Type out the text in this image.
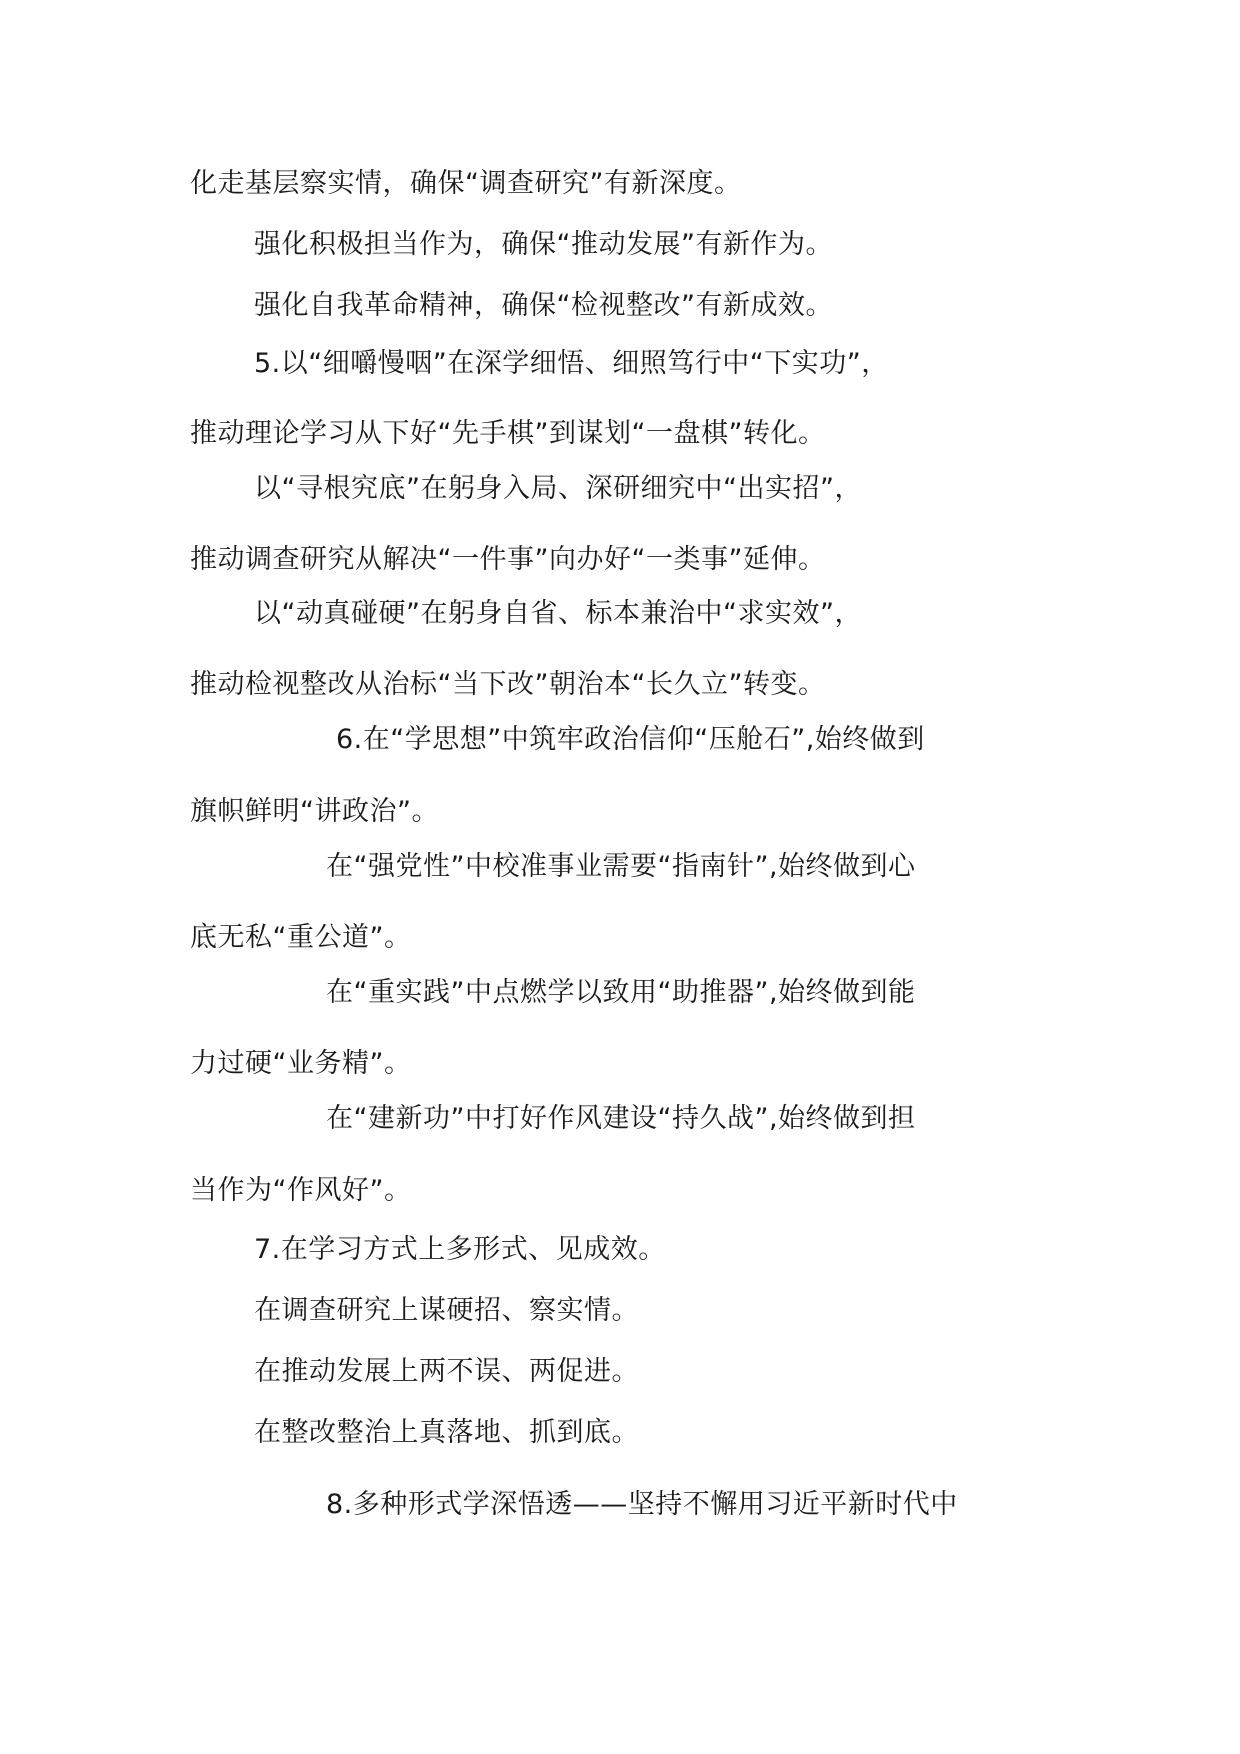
化走基层察实情，确保“调查研究”有新深度。
强化积极担当作为，确保“推动发展”有新作为。
强化自我革命精神，确保“检视整改”有新成效。
5.以“细嚼慢咽”在深学细悟、细照笃行中“下实功”，
推动理论学习从下好“先手棋”到谋划“一盘棋”转化。
以“寻根究底”在躬身入局、深研细究中“出实招”，
推动调查研究从解决“一件事”向办好“一类事”延伸。
以“动真碰硬”在躬身自省、标本兼治中“求实效”，
推动检视整改从治标“当下改”朝治本“长久立”转变。
6.在“学思想”中筑牢政治信仰“压舱石”,始终做到
旗帜鲜明“讲政治”。
在“强党性”中校准事业需要“指南针”,始终做到心
底无私“重公道”。
在“重实践”中点燃学以致用“助推器”,始终做到能
力过硬“业务精”。
在“建新功”中打好作风建设“持久战”,始终做到担
当作为“作风好”。
7.在学习方式上多形式、见成效。
在调查研究上谋硬招、察实情。
在推动发展上两不误、两促进。
在整改整治上真落地、抓到底。
8.多种形式学深悟透——坚持不懈用习近平新时代中
